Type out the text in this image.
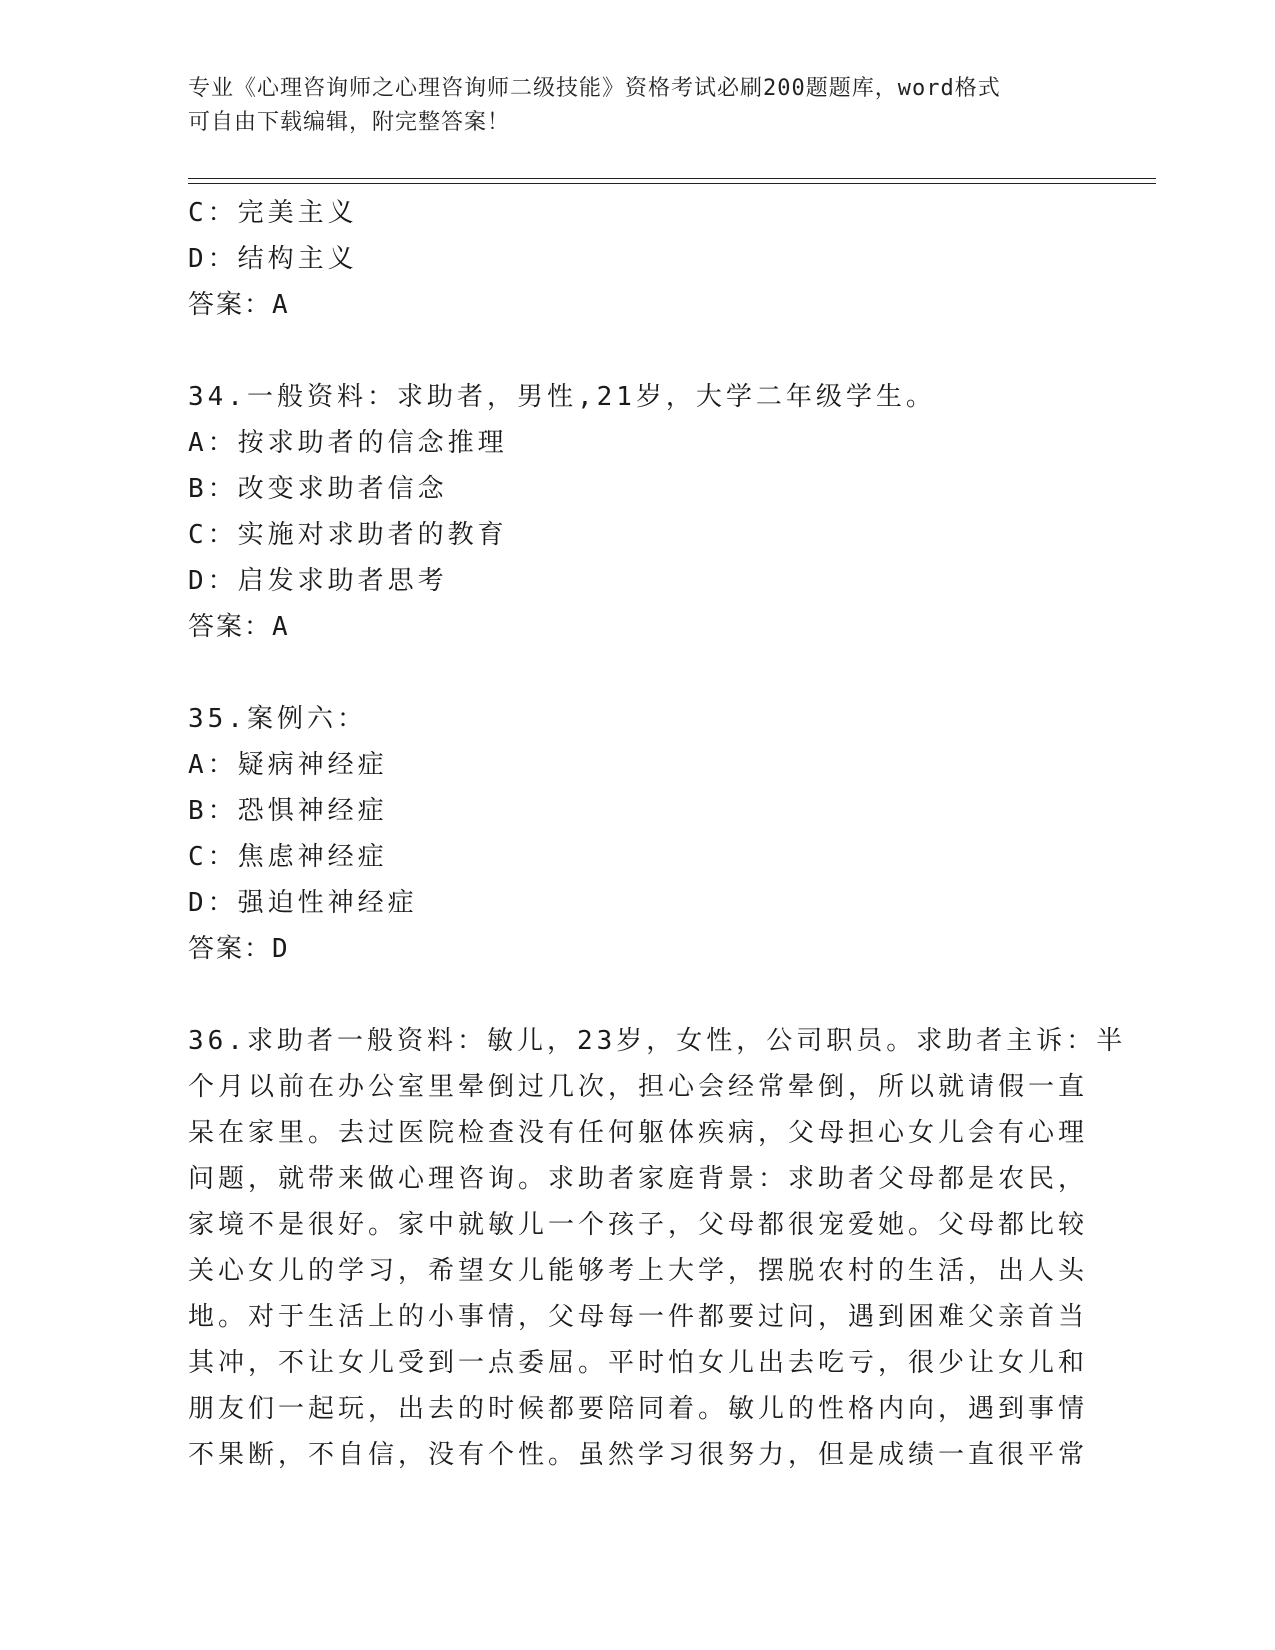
专业《心理咨询师之心理咨询师二级技能》资格考试必刷200题题库，word格式
可自由下载编辑，附完整答案！
C：完美主义
D：结构主义
答案：A
34.一般资料：求助者，男性,21岁，大学二年级学生。
A：按求助者的信念推理
B：改变求助者信念
C：实施对求助者的教育
D：启发求助者思考
答案：A
35.案例六：
A：疑病神经症
B：恐惧神经症
C：焦虑神经症
D：强迫性神经症
答案：D
36.求助者一般资料：敏儿，23岁，女性，公司职员。求助者主诉：半
个月以前在办公室里晕倒过几次，担心会经常晕倒，所以就请假一直
呆在家里。去过医院检查没有任何躯体疾病，父母担心女儿会有心理
问题，就带来做心理咨询。求助者家庭背景：求助者父母都是农民，
家境不是很好。家中就敏儿一个孩子，父母都很宠爱她。父母都比较
关心女儿的学习，希望女儿能够考上大学，摆脱农村的生活，出人头
地。对于生活上的小事情，父母每一件都要过问，遇到困难父亲首当
其冲，不让女儿受到一点委屈。平时怕女儿出去吃亏，很少让女儿和
朋友们一起玩，出去的时候都要陪同着。敏儿的性格内向，遇到事情
不果断，不自信，没有个性。虽然学习很努力，但是成绩一直很平常
